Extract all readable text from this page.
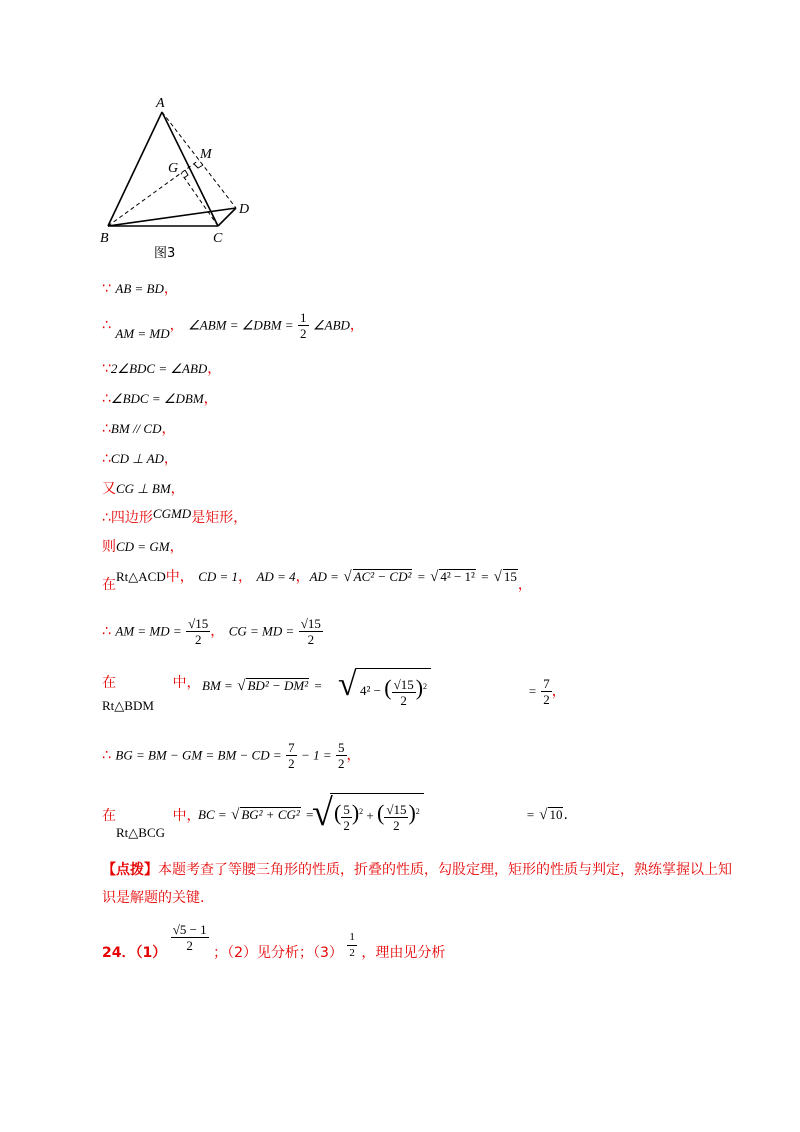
A
M
G
D
B	C
图3
∵ AB = BD，
∴ AM = MD， ∠ABM = ∠DBM = $\frac{1}{2}$ ∠ABD，
∵2∠BDC = ∠ABD，
∴∠BDC = ∠DBM，
∴BM // CD，
∴CD ⊥ AD，
又CG ⊥ BM，
∴四边形CGMD是矩形，
则CD = GM，
在Rt△ACD中， CD = 1， AD = 4，AD = √ AC² − CD² = √ 4² − 1² = √ 15，
∴ AM = MD = $\frac{√15}{2}$ ， CG = MD = $\frac{√15}{2}$
在	中，
Rt△BDM
BM = √ BD² − DM² = √ 4² − ( $\frac{√15}{2} )^2$	= $\frac{7}{2}$ ，
∴ BG = BM − GM = BM − CD = $\frac{7}{2} - 1 = \frac{5}{2}$ ，
在	中，
Rt△BCG
BC = √ BG² + CG² =
√ ( $\frac{5}{2} )^2$ + ( $\frac{√15}{2} )^2$	= √ 10.
【点拨】本题考查了等腰三角形的性质，折叠的性质，勾股定理，矩形的性质与判定，熟练掌握以上知识是解题的关键.
24．$(1) \frac{√5 - 1}{2}$ ；（2）见分析；$(3) \frac{1}{2}$ ，理由见分析
